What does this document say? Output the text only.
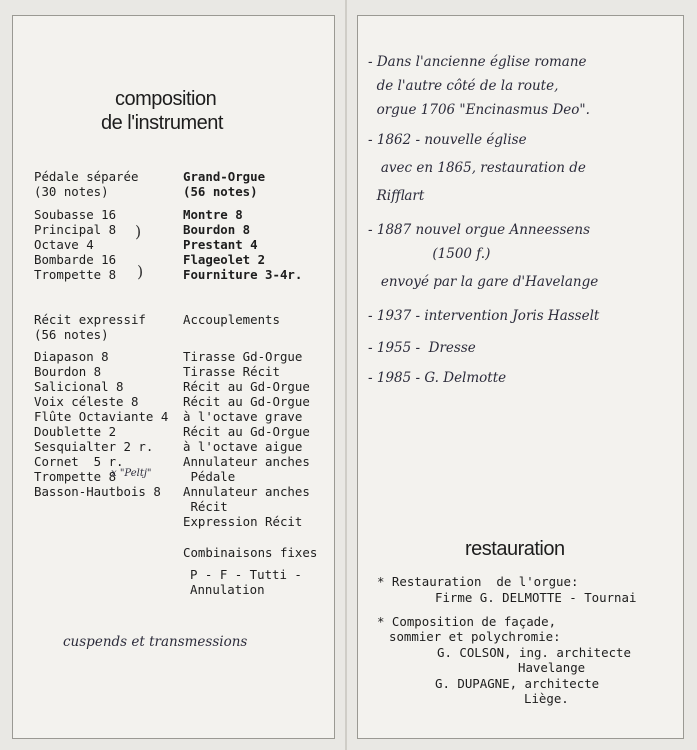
composition
de l'instrument
Pédale séparée
(30 notes)
Soubasse 16
Principal 8
Octave 4
Bombarde 16
Trompette 8
)
)
Grand-Orgue
(56 notes)
Montre 8
Bourdon 8
Prestant 4
Flageolet 2
Fourniture 3-4r.
Récit expressif
(56 notes)
Diapason 8
Bourdon 8
Salicional 8
Voix céleste 8
Flûte Octaviante 4
Doublette 2
Sesquialter 2 r.
Cornet  5 r.
Trompette 8
Basson-Hautbois 8
x "Peltj"
Accouplements
Tirasse Gd-Orgue
Tirasse Récit
Récit au Gd-Orgue
Récit au Gd-Orgue
à l'octave grave
Récit au Gd-Orgue
à l'octave aigue
Annulateur anches
Pédale
Annulateur anches
Récit
Expression Récit
Combinaisons fixes
P - F - Tutti -
Annulation
cuspends et transmessions
- Dans l'ancienne église romane
de l'autre côté de la route,
orgue 1706 "Encinasmus Deo".
- 1862 - nouvelle église
avec en 1865, restauration de
Rifflart
- 1887 nouvel orgue Anneessens
(1500 f.)
envoyé par la gare d'Havelange
- 1937 - intervention Joris Hasselt
- 1955 -  Dresse
- 1985 - G. Delmotte
restauration
* Restauration  de l'orgue:
Firme G. DELMOTTE - Tournai
* Composition de façade,
sommier et polychromie:
G. COLSON, ing. architecte
Havelange
G. DUPAGNE, architecte
Liège.
